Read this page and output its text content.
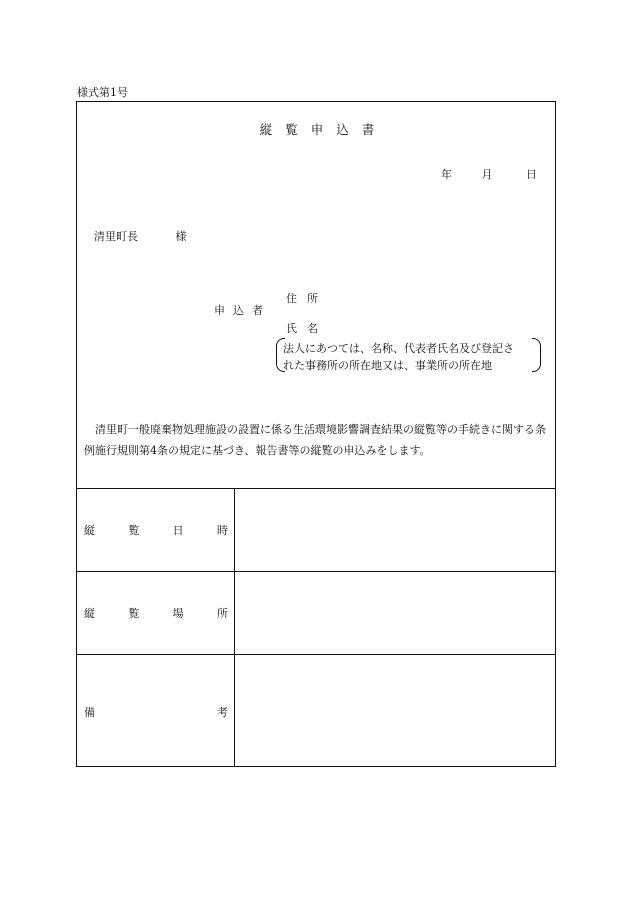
様式第1号
縦覧申込書
年	月	日
清里町長	様
申込者
住所
氏名
法人にあつては、名称、代表者氏名及び登記さ
れた事務所の所在地又は、事業所の所在地

清里町一般廃棄物処理施設の設置に係る生活環境影響調査結果の縦覧等の手続きに関する条例施行規則第4条の規定に基づき、報告書等の縦覧の申込みをします。

縦	覧	日	時
縦	覧	場	所
備	考
